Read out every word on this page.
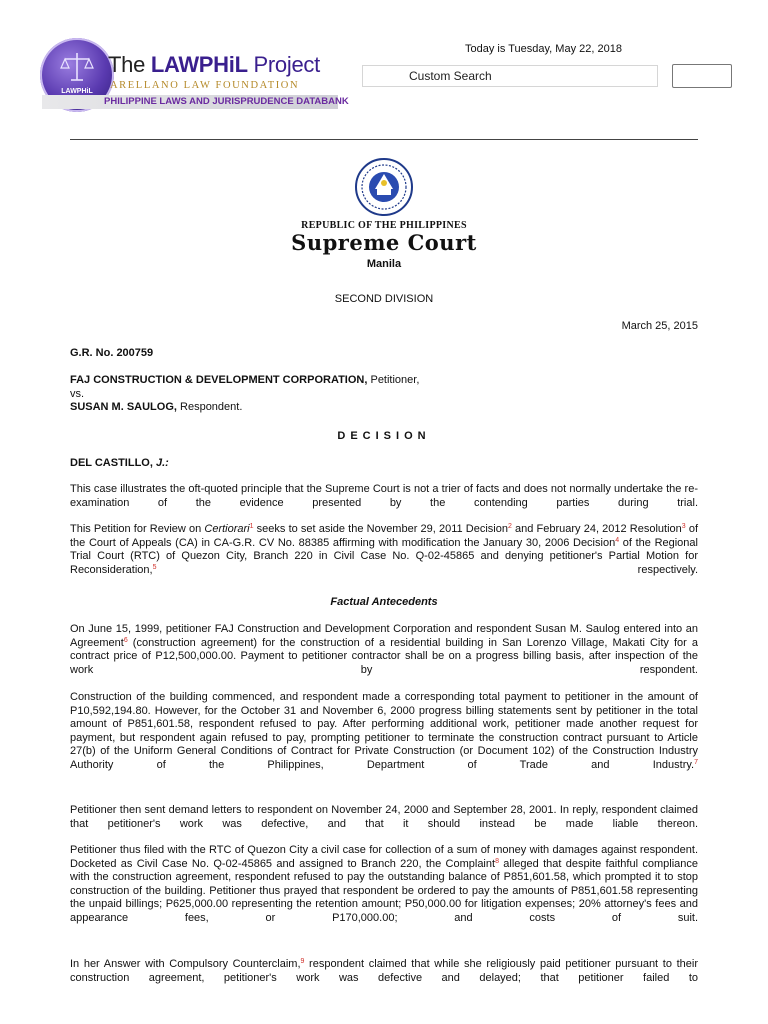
LAWPHiL
The LAWPHiL Project
ARELLANO LAW FOUNDATION
PHILIPPINE LAWS AND JURISPRUDENCE DATABANK
Today is Tuesday, May 22, 2018
Custom Search
REPUBLIC OF THE PHILIPPINES
Supreme Court
Manila
SECOND DIVISION
March 25, 2015
G.R. No. 200759
FAJ CONSTRUCTION & DEVELOPMENT CORPORATION, Petitioner,
vs.
SUSAN M. SAULOG, Respondent.
DECISION
DEL CASTILLO, J.:
This case illustrates the oft-quoted principle that the Supreme Court is not a trier of facts and does not normally undertake the re-examination of the evidence presented by the contending parties during trial.
This Petition for Review on Certiorari$^1$ seeks to set aside the November 29, 2011 Decision$^2$ and February 24, 2012 Resolution$^3$ of the Court of Appeals (CA) in CA-G.R. CV No. 88385 affirming with modification the January 30, 2006 Decision$^4$ of the Regional Trial Court (RTC) of Quezon City, Branch 220 in Civil Case No. Q-02-45865 and denying petitioner's Partial Motion for Reconsideration,$^5$ respectively.
Factual Antecedents
On June 15, 1999, petitioner FAJ Construction and Development Corporation and respondent Susan M. Saulog entered into an Agreement$^6$ (construction agreement) for the construction of a residential building in San Lorenzo Village, Makati City for a contract price of P12,500,000.00. Payment to petitioner contractor shall be on a progress billing basis, after inspection of the work by respondent.
Construction of the building commenced, and respondent made a corresponding total payment to petitioner in the amount of P10,592,194.80. However, for the October 31 and November 6, 2000 progress billing statements sent by petitioner in the total amount of P851,601.58, respondent refused to pay. After performing additional work, petitioner made another request for payment, but respondent again refused to pay, prompting petitioner to terminate the construction contract pursuant to Article 27(b) of the Uniform General Conditions of Contract for Private Construction (or Document 102) of the Construction Industry Authority of the Philippines, Department of Trade and Industry.$^7$
Petitioner then sent demand letters to respondent on November 24, 2000 and September 28, 2001. In reply, respondent claimed that petitioner's work was defective, and that it should instead be made liable thereon.
Petitioner thus filed with the RTC of Quezon City a civil case for collection of a sum of money with damages against respondent. Docketed as Civil Case No. Q-02-45865 and assigned to Branch 220, the Complaint$^8$ alleged that despite faithful compliance with the construction agreement, respondent refused to pay the outstanding balance of P851,601.58, which prompted it to stop construction of the building. Petitioner thus prayed that respondent be ordered to pay the amounts of P851,601.58 representing the unpaid billings; P625,000.00 representing the retention amount; P50,000.00 for litigation expenses; 20% attorney's fees and appearance fees, or P170,000.00; and costs of suit.
In her Answer with Compulsory Counterclaim,$^9$ respondent claimed that while she religiously paid petitioner pursuant to their construction agreement, petitioner's work was defective and delayed; that petitioner failed to
